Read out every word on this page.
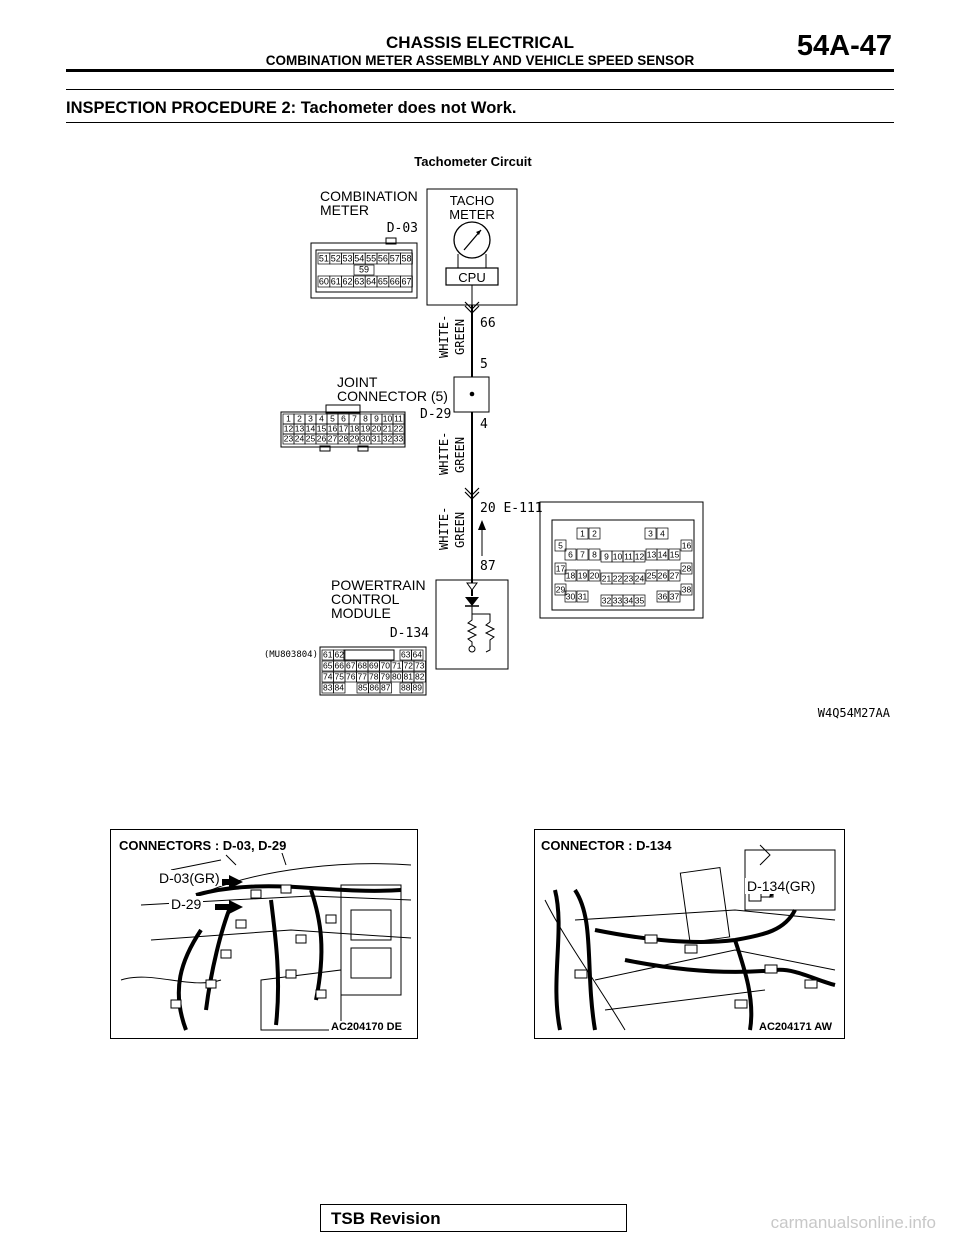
CHASSIS ELECTRICAL
COMBINATION METER ASSEMBLY AND VEHICLE SPEED SENSOR	54A-47
INSPECTION PROCEDURE 2: Tachometer does not Work.
Tachometer Circuit
COMBINATION
METER
D-03
51 52 53 54 55 56 57 58
59
60 61 62 63 64 65 66 67
TACHO
METER
CPU
66
WHITE- GREEN
5
JOINT
CONNECTOR (5)
D-29
4
1 2 3 4 5 6 7 8 9 10 11
12 13 14 15 16 17 18 19 20 21 22
23 24 25 26 27 28 29 30 31 32 33	WHITE- GREEN
20 E-111
WHITE- GREEN
87
1 2	3 4
5
6 7 8 9 10 11 12 13 14 15
16
17
18 19 20 21 22 23 24 25 26 27
28
29
30 31 32 33 34 35 36 37
38
POWERTRAIN
CONTROL
MODULE
D-134
(MU803804) 61 62	63 64
65 66 67 68 69 70 71 72 73
74 75 76 77 78 79 80 81 82
83 84 85 86 87 88 89
W4Q54M27AA
CONNECTORS : D-03, D-29
D-03(GR)
D-29
AC204170 DE
CONNECTOR : D-134
D-134(GR)
AC204171 AW
TSB Revision	carmanualsonline.info
